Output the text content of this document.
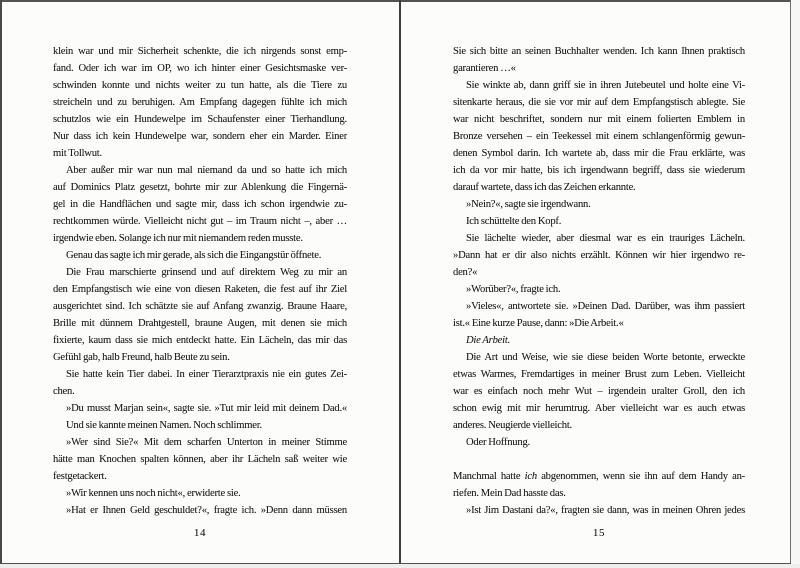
klein war und mir Sicherheit schenkte, die ich nirgends sonst emp-
fand. Oder ich war im OP, wo ich hinter einer Gesichtsmaske ver-
schwinden konnte und nichts weiter zu tun hatte, als die Tiere zu
streicheln und zu beruhigen. Am Empfang dagegen fühlte ich mich
schutzlos wie ein Hundewelpe im Schaufenster einer Tierhandlung.
Nur dass ich kein Hundewelpe war, sondern eher ein Marder. Einer
mit Tollwut.
Aber außer mir war nun mal niemand da und so hatte ich mich
auf Dominics Platz gesetzt, bohrte mir zur Ablenkung die Fingernä-
gel in die Handflächen und sagte mir, dass ich schon irgendwie zu-
rechtkommen würde. Vielleicht nicht gut – im Traum nicht –, aber …
irgendwie eben. Solange ich nur mit niemandem reden musste.
Genau das sagte ich mir gerade, als sich die Eingangstür öffnete.
Die Frau marschierte grinsend und auf direktem Weg zu mir an
den Empfangstisch wie eine von diesen Raketen, die fest auf ihr Ziel
ausgerichtet sind. Ich schätzte sie auf Anfang zwanzig. Braune Haare,
Brille mit dünnem Drahtgestell, braune Augen, mit denen sie mich
fixierte, kaum dass sie mich entdeckt hatte. Ein Lächeln, das mir das
Gefühl gab, halb Freund, halb Beute zu sein.
Sie hatte kein Tier dabei. In einer Tierarztpraxis nie ein gutes Zei-
chen.
»Du musst Marjan sein«, sagte sie. »Tut mir leid mit deinem Dad.«
Und sie kannte meinen Namen. Noch schlimmer.
»Wer sind Sie?« Mit dem scharfen Unterton in meiner Stimme
hätte man Knochen spalten können, aber ihr Lächeln saß weiter wie
festgetackert.
»Wir kennen uns noch nicht«, erwiderte sie.
»Hat er Ihnen Geld geschuldet?«, fragte ich. »Denn dann müssen
Sie sich bitte an seinen Buchhalter wenden. Ich kann Ihnen praktisch
garantieren …«
Sie winkte ab, dann griff sie in ihren Jutebeutel und holte eine Vi-
sitenkarte heraus, die sie vor mir auf dem Empfangstisch ablegte. Sie
war nicht beschriftet, sondern nur mit einem folierten Emblem in
Bronze versehen – ein Teekessel mit einem schlangenförmig gewun-
denen Symbol darin. Ich wartete ab, dass mir die Frau erklärte, was
ich da vor mir hatte, bis ich irgendwann begriff, dass sie wiederum
darauf wartete, dass ich das Zeichen erkannte.
»Nein?«, sagte sie irgendwann.
Ich schüttelte den Kopf.
Sie lächelte wieder, aber diesmal war es ein trauriges Lächeln.
»Dann hat er dir also nichts erzählt. Können wir hier irgendwo re-
den?«
»Worüber?«, fragte ich.
»Vieles«, antwortete sie. »Deinen Dad. Darüber, was ihm passiert
ist.« Eine kurze Pause, dann: »Die Arbeit.«
Die Arbeit.
Die Art und Weise, wie sie diese beiden Worte betonte, erweckte
etwas Warmes, Fremdartiges in meiner Brust zum Leben. Vielleicht
war es einfach noch mehr Wut – irgendein uralter Groll, den ich
schon ewig mit mir herumtrug. Aber vielleicht war es auch etwas
anderes. Neugierde vielleicht.
Oder Hoffnung.

Manchmal hatte ich abgenommen, wenn sie ihn auf dem Handy an-
riefen. Mein Dad hasste das.
»Ist Jim Dastani da?«, fragten sie dann, was in meinen Ohren jedes
14	15
